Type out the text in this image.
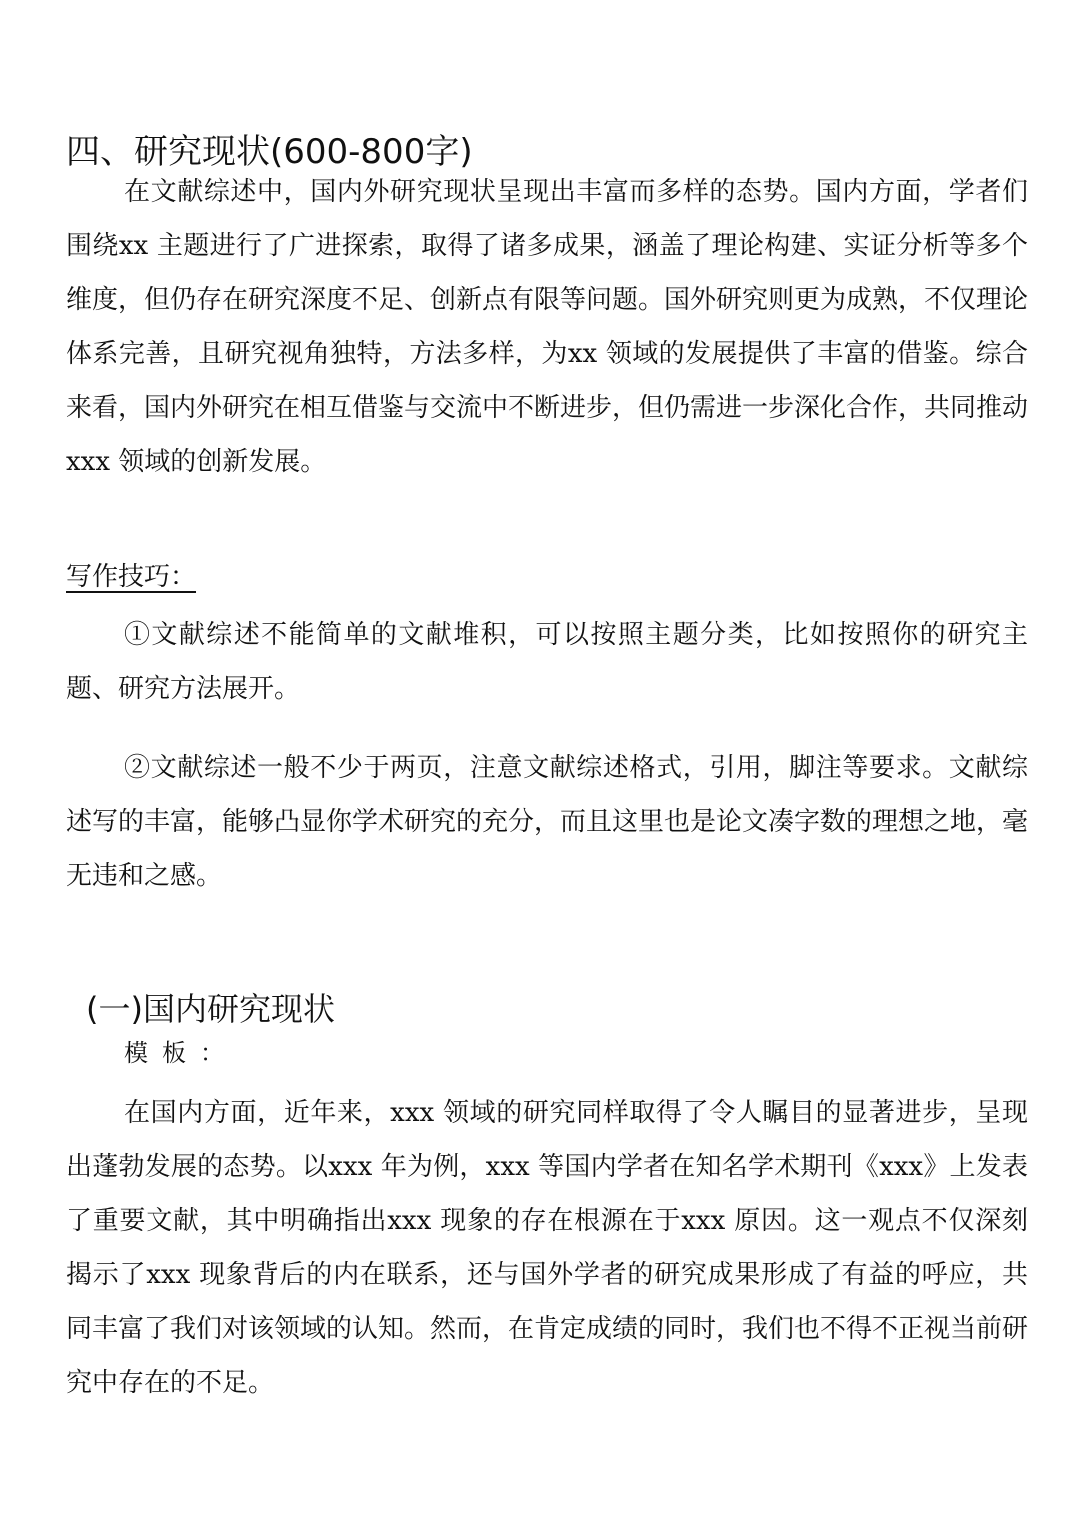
四、研究现状(600-800字)

在文献综述中，国内外研究现状呈现出丰富而多样的态势。国内方面，学者们围绕xx 主题进行了广进探索，取得了诸多成果，涵盖了理论构建、实证分析等多个维度，但仍存在研究深度不足、创新点有限等问题。国外研究则更为成熟，不仅理论体系完善，且研究视角独特，方法多样，为xx 领域的发展提供了丰富的借鉴。综合来看，国内外研究在相互借鉴与交流中不断进步，但仍需进一步深化合作，共同推动xxx 领域的创新发展。

写作技巧：

①文献综述不能简单的文献堆积，可以按照主题分类，比如按照你的研究主题、研究方法展开。

②文献综述一般不少于两页，注意文献综述格式，引用，脚注等要求。文献综述写的丰富，能够凸显你学术研究的充分，而且这里也是论文凑字数的理想之地，毫无违和之感。

(一)国内研究现状

模板：

在国内方面，近年来，xxx 领域的研究同样取得了令人瞩目的显著进步，呈现出蓬勃发展的态势。以xxx 年为例，xxx 等国内学者在知名学术期刊《xxx》上发表了重要文献，其中明确指出xxx 现象的存在根源在于xxx 原因。这一观点不仅深刻揭示了xxx 现象背后的内在联系，还与国外学者的研究成果形成了有益的呼应，共同丰富了我们对该领域的认知。然而，在肯定成绩的同时，我们也不得不正视当前研究中存在的不足。
